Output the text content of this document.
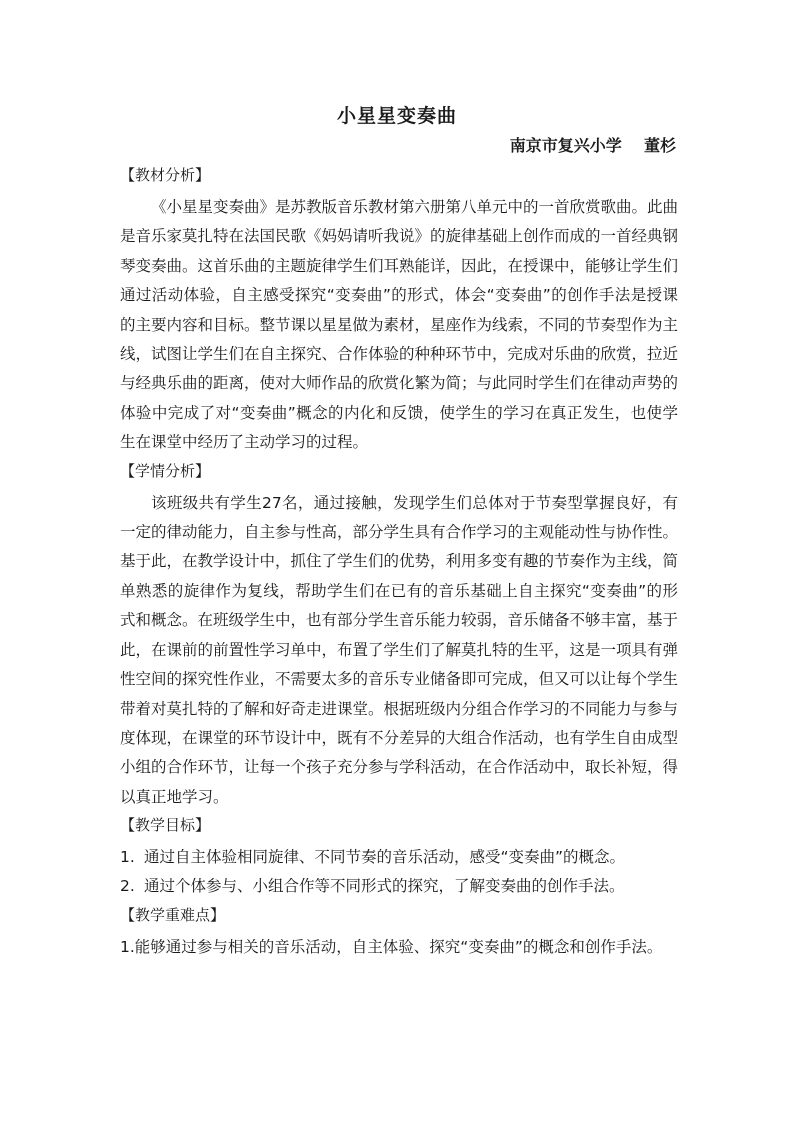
小星星变奏曲
南京市复兴小学    董杉
【教材分析】

《小星星变奏曲》是苏教版音乐教材第六册第八单元中的一首欣赏歌曲。此曲是音乐家莫扎特在法国民歌《妈妈请听我说》的旋律基础上创作而成的一首经典钢琴变奏曲。这首乐曲的主题旋律学生们耳熟能详，因此，在授课中，能够让学生们通过活动体验，自主感受探究“变奏曲”的形式，体会“变奏曲”的创作手法是授课的主要内容和目标。整节课以星星做为素材，星座作为线索，不同的节奏型作为主线，试图让学生们在自主探究、合作体验的种种环节中，完成对乐曲的欣赏，拉近与经典乐曲的距离，使对大师作品的欣赏化繁为简；与此同时学生们在律动声势的体验中完成了对“变奏曲”概念的内化和反馈，使学生的学习在真正发生，也使学生在课堂中经历了主动学习的过程。

【学情分析】

该班级共有学生27名，通过接触，发现学生们总体对于节奏型掌握良好，有一定的律动能力，自主参与性高，部分学生具有合作学习的主观能动性与协作性。基于此，在教学设计中，抓住了学生们的优势，利用多变有趣的节奏作为主线，简单熟悉的旋律作为复线，帮助学生们在已有的音乐基础上自主探究“变奏曲”的形式和概念。在班级学生中，也有部分学生音乐能力较弱，音乐储备不够丰富，基于此，在课前的前置性学习单中，布置了学生们了解莫扎特的生平，这是一项具有弹性空间的探究性作业，不需要太多的音乐专业储备即可完成，但又可以让每个学生带着对莫扎特的了解和好奇走进课堂。根据班级内分组合作学习的不同能力与参与度体现，在课堂的环节设计中，既有不分差异的大组合作活动，也有学生自由成型小组的合作环节，让每一个孩子充分参与学科活动，在合作活动中，取长补短，得以真正地学习。

【教学目标】
1. 通过自主体验相同旋律、不同节奏的音乐活动，感受“变奏曲”的概念。
2. 通过个体参与、小组合作等不同形式的探究，了解变奏曲的创作手法。
【教学重难点】

1.能够通过参与相关的音乐活动，自主体验、探究“变奏曲”的概念和创作手法。
